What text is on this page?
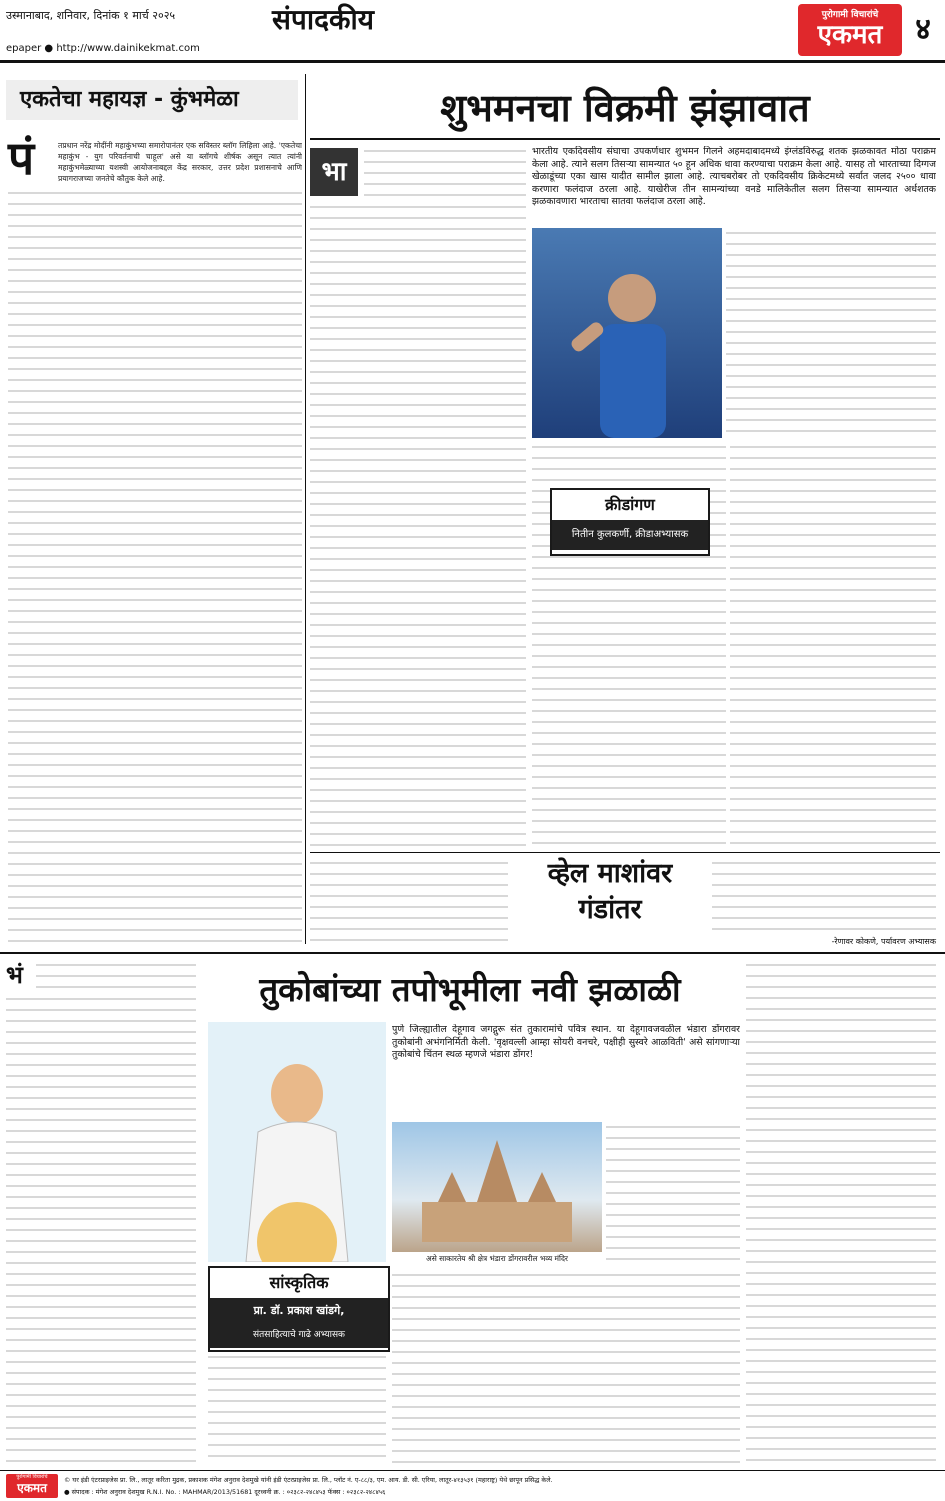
उस्मानाबाद, शनिवार, दिनांक १ मार्च २०२५	संपादकीय
epaper ● http://www.dainikekmat.com
पुरोगामी विचारांचे
एकमत	४
एकतेचा महायज्ञ - कुंभमेळा
पं	तप्रधान नरेंद्र मोदींनी महाकुंभच्या समारोपानंतर एक सविस्तर ब्लॉग लिहिला आहे. 'एकतेचा महाकुंभ - युग परिवर्तनाची चाहूल' असे या ब्लॉगचे शीर्षक असून त्यात त्यांनी महाकुंभमेळ्याच्या यशस्वी आयोजनाबद्दल केंद्र सरकार, उत्तर प्रदेश प्रशासनाचे आणि प्रयागराजच्या जनतेचे कौतुक केले आहे.
शुभमनचा विक्रमी झंझावात
भा
भारतीय एकदिवसीय संघाचा उपकर्णधार शुभमन गिलने अहमदाबादमध्ये इंग्लंडविरुद्ध शतक झळकावत मोठा पराक्रम केला आहे. त्याने सलग तिसऱ्या सामन्यात ५० हून अधिक धावा करण्याचा पराक्रम केला आहे. यासह तो भारताच्या दिग्गज खेळाडूंच्या एका खास यादीत सामील झाला आहे. त्याचबरोबर तो एकदिवसीय क्रिकेटमध्ये सर्वात जलद २५०० धावा करणारा फलंदाज ठरला आहे. याखेरीज तीन सामन्यांच्या वनडे मालिकेतील सलग तिसऱ्या सामन्यात अर्धशतक झळकावणारा भारताचा सातवा फलंदाज ठरला आहे.
क्रीडांगण
नितीन कुलकर्णी, क्रीडाअभ्यासक
व्हेल माशांवर
गंडांतर
-रेणावर कोकणे, पर्यावरण अभ्यासक
भं	तुकोबांच्या तपोभूमीला नवी झळाळी
पुणे जिल्ह्यातील देहूगाव जगद्गुरू संत तुकारामांचे पवित्र स्थान. या देहूगावजवळील भंडारा डोंगरावर तुकोबांनी अभंगनिर्मिती केली. 'वृक्षवल्ली आम्हा सोयरी वनचरे, पक्षीही सुस्वरे आळविती' असे सांगणाऱ्या तुकोबांचे चिंतन स्थळ म्हणजे भंडारा डोंगर!
सांस्कृतिक
प्रा. डॉ. प्रकाश खांडगे,
संतसाहित्याचे गाढे अभ्यासक
असे साकारतेय श्री क्षेत्र भंडारा डोंगरावरील भव्य मंदिर
पुरोगामी विचारांचे
एकमत
© घर इंडी एंटरप्राइजेस प्रा. लि., लातूर करिता मुद्रक, प्रकाशक मंगेश अनुराव देशमुखे यांनी इंडी एंटरप्राइजेस प्रा. लि., प्लॉट नं. ए-८८/३, एम. आय. डी. सी. एरिया, लातूर-४१३५३१ (महाराष्ट्र) येथे छापून प्रसिद्ध केले.
● संपादक : मंगेश अनुराव देशमुख R.N.I. No. : MAHMAR/2013/51681 दूरध्वनी क्र. : ०२३८२-२४८४५३ फॅक्स : ०२३८२-२४८४५६
